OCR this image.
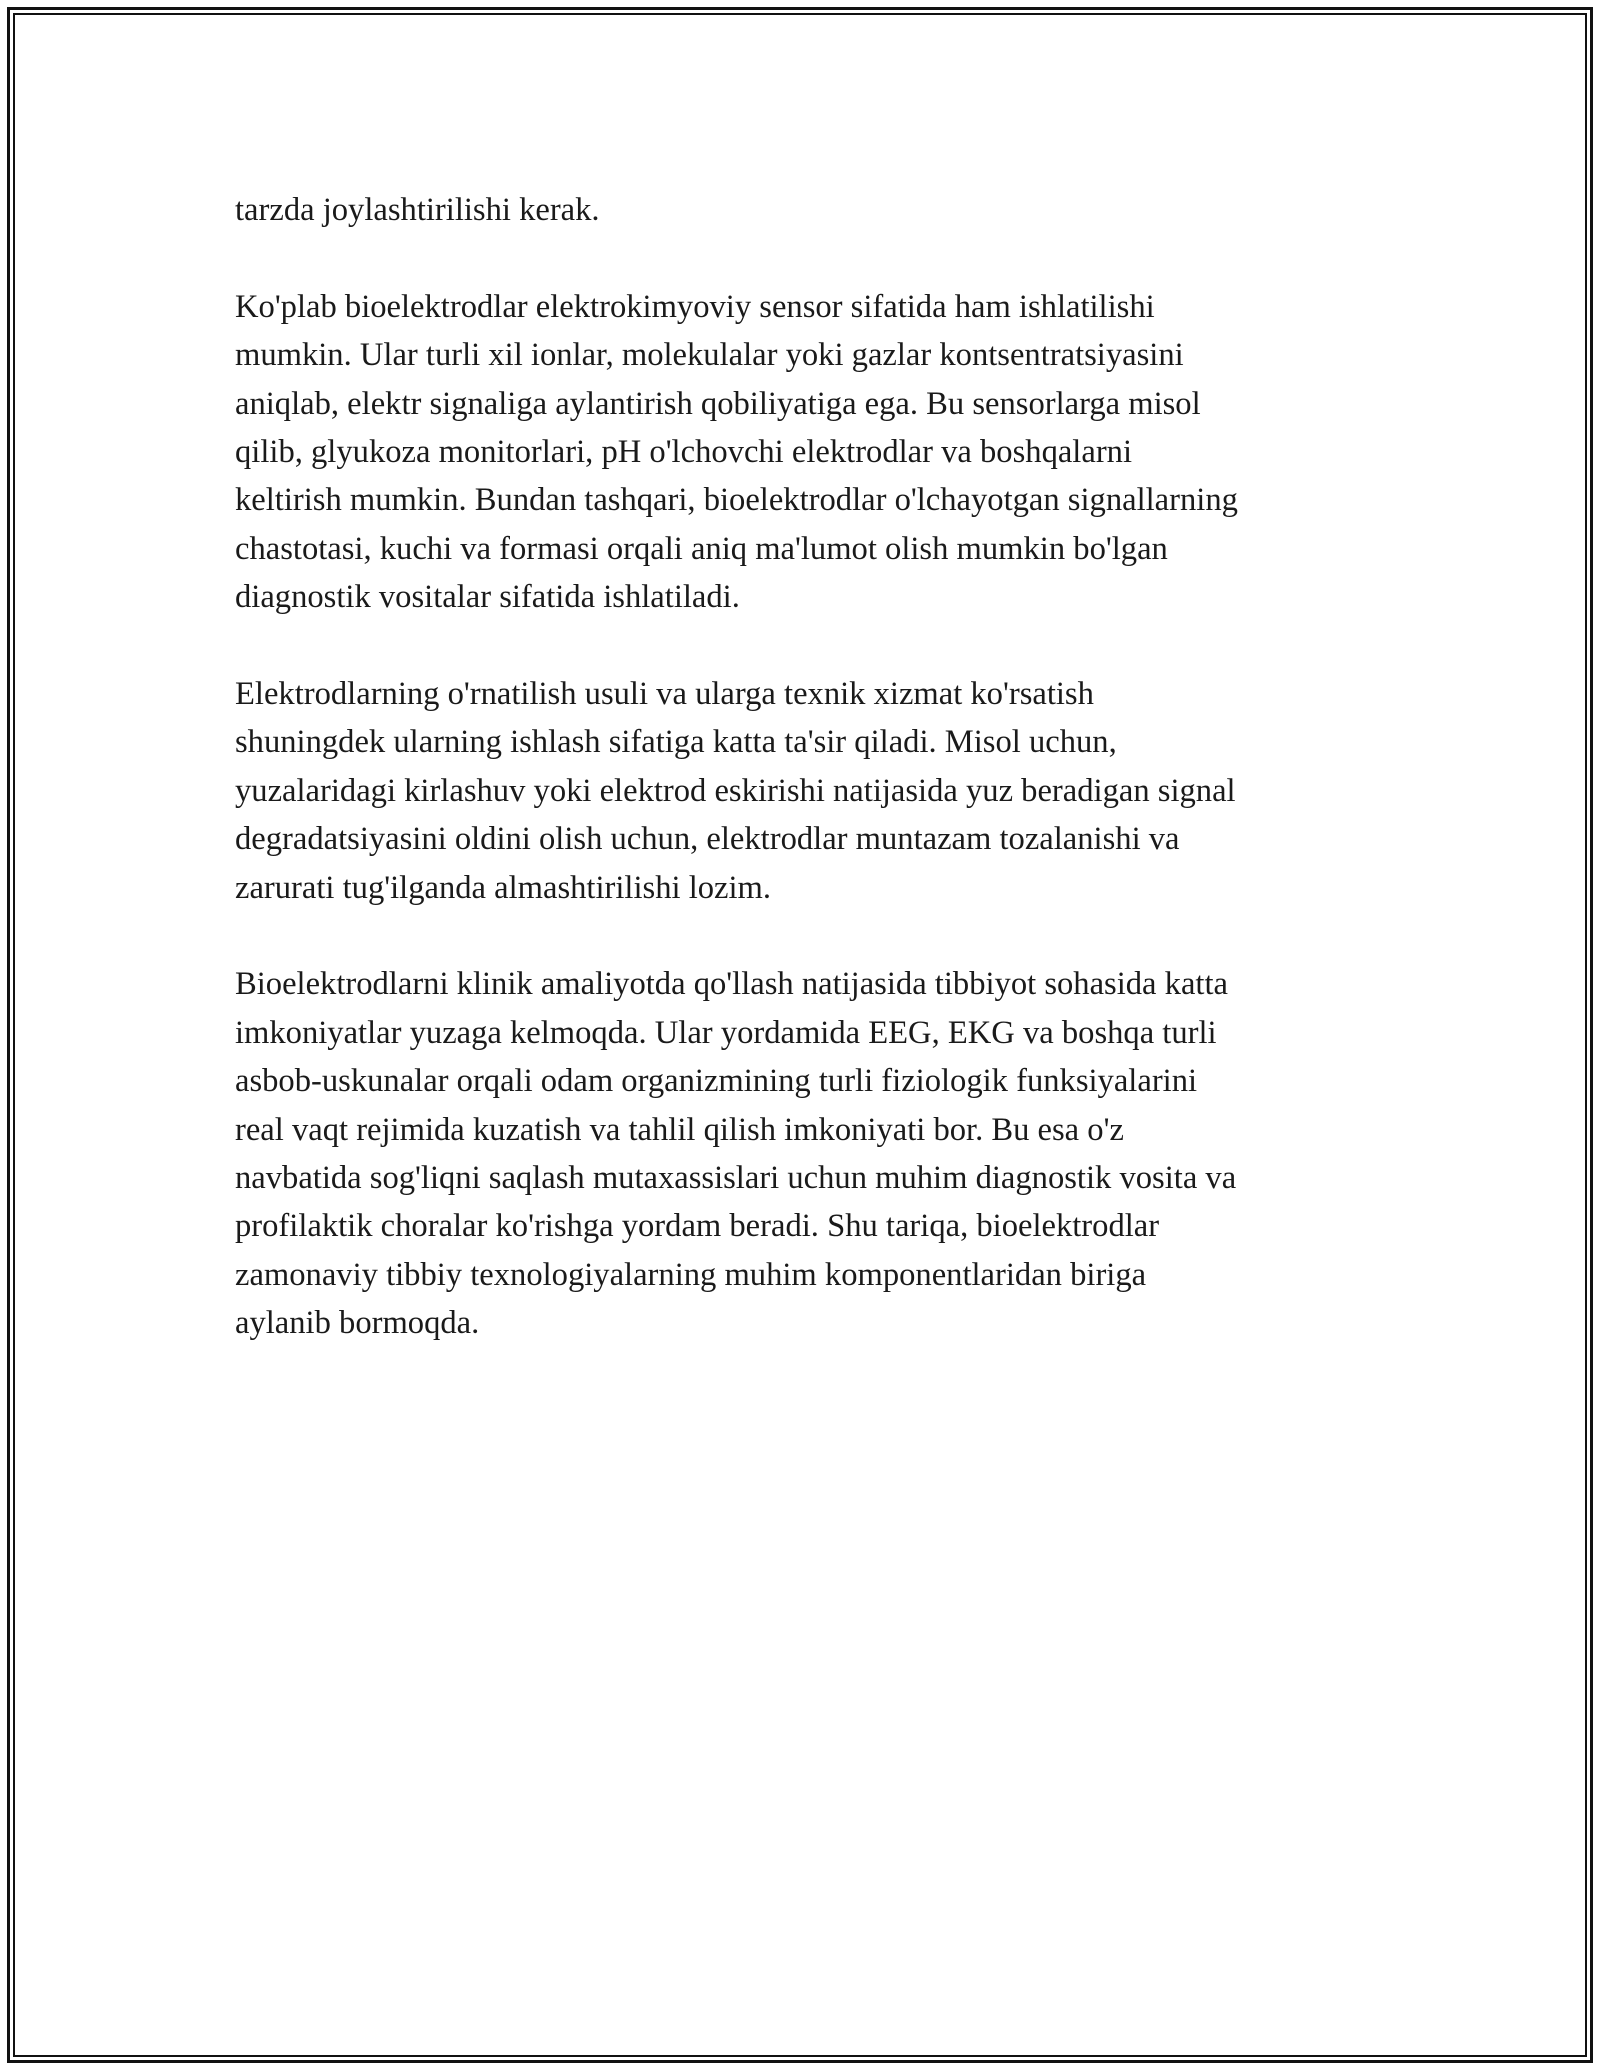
tarzda joylashtirilishi kerak.

Ko'plab bioelektrodlar elektrokimyoviy sensor sifatida ham ishlatilishi
mumkin. Ular turli xil ionlar, molekulalar yoki gazlar kontsentratsiyasini
aniqlab, elektr signaliga aylantirish qobiliyatiga ega. Bu sensorlarga misol
qilib, glyukoza monitorlari, pH o'lchovchi elektrodlar va boshqalarni
keltirish mumkin. Bundan tashqari, bioelektrodlar o'lchayotgan signallarning
chastotasi, kuchi va formasi orqali aniq ma'lumot olish mumkin bo'lgan
diagnostik vositalar sifatida ishlatiladi.

Elektrodlarning o'rnatilish usuli va ularga texnik xizmat ko'rsatish
shuningdek ularning ishlash sifatiga katta ta'sir qiladi. Misol uchun,
yuzalaridagi kirlashuv yoki elektrod eskirishi natijasida yuz beradigan signal
degradatsiyasini oldini olish uchun, elektrodlar muntazam tozalanishi va
zarurati tug'ilganda almashtirilishi lozim.

Bioelektrodlarni klinik amaliyotda qo'llash natijasida tibbiyot sohasida katta
imkoniyatlar yuzaga kelmoqda. Ular yordamida EEG, EKG va boshqa turli
asbob-uskunalar orqali odam organizmining turli fiziologik funksiyalarini
real vaqt rejimida kuzatish va tahlil qilish imkoniyati bor. Bu esa o'z
navbatida sog'liqni saqlash mutaxassislari uchun muhim diagnostik vosita va
profilaktik choralar ko'rishga yordam beradi. Shu tariqa, bioelektrodlar
zamonaviy tibbiy texnologiyalarning muhim komponentlaridan biriga
aylanib bormoqda.
